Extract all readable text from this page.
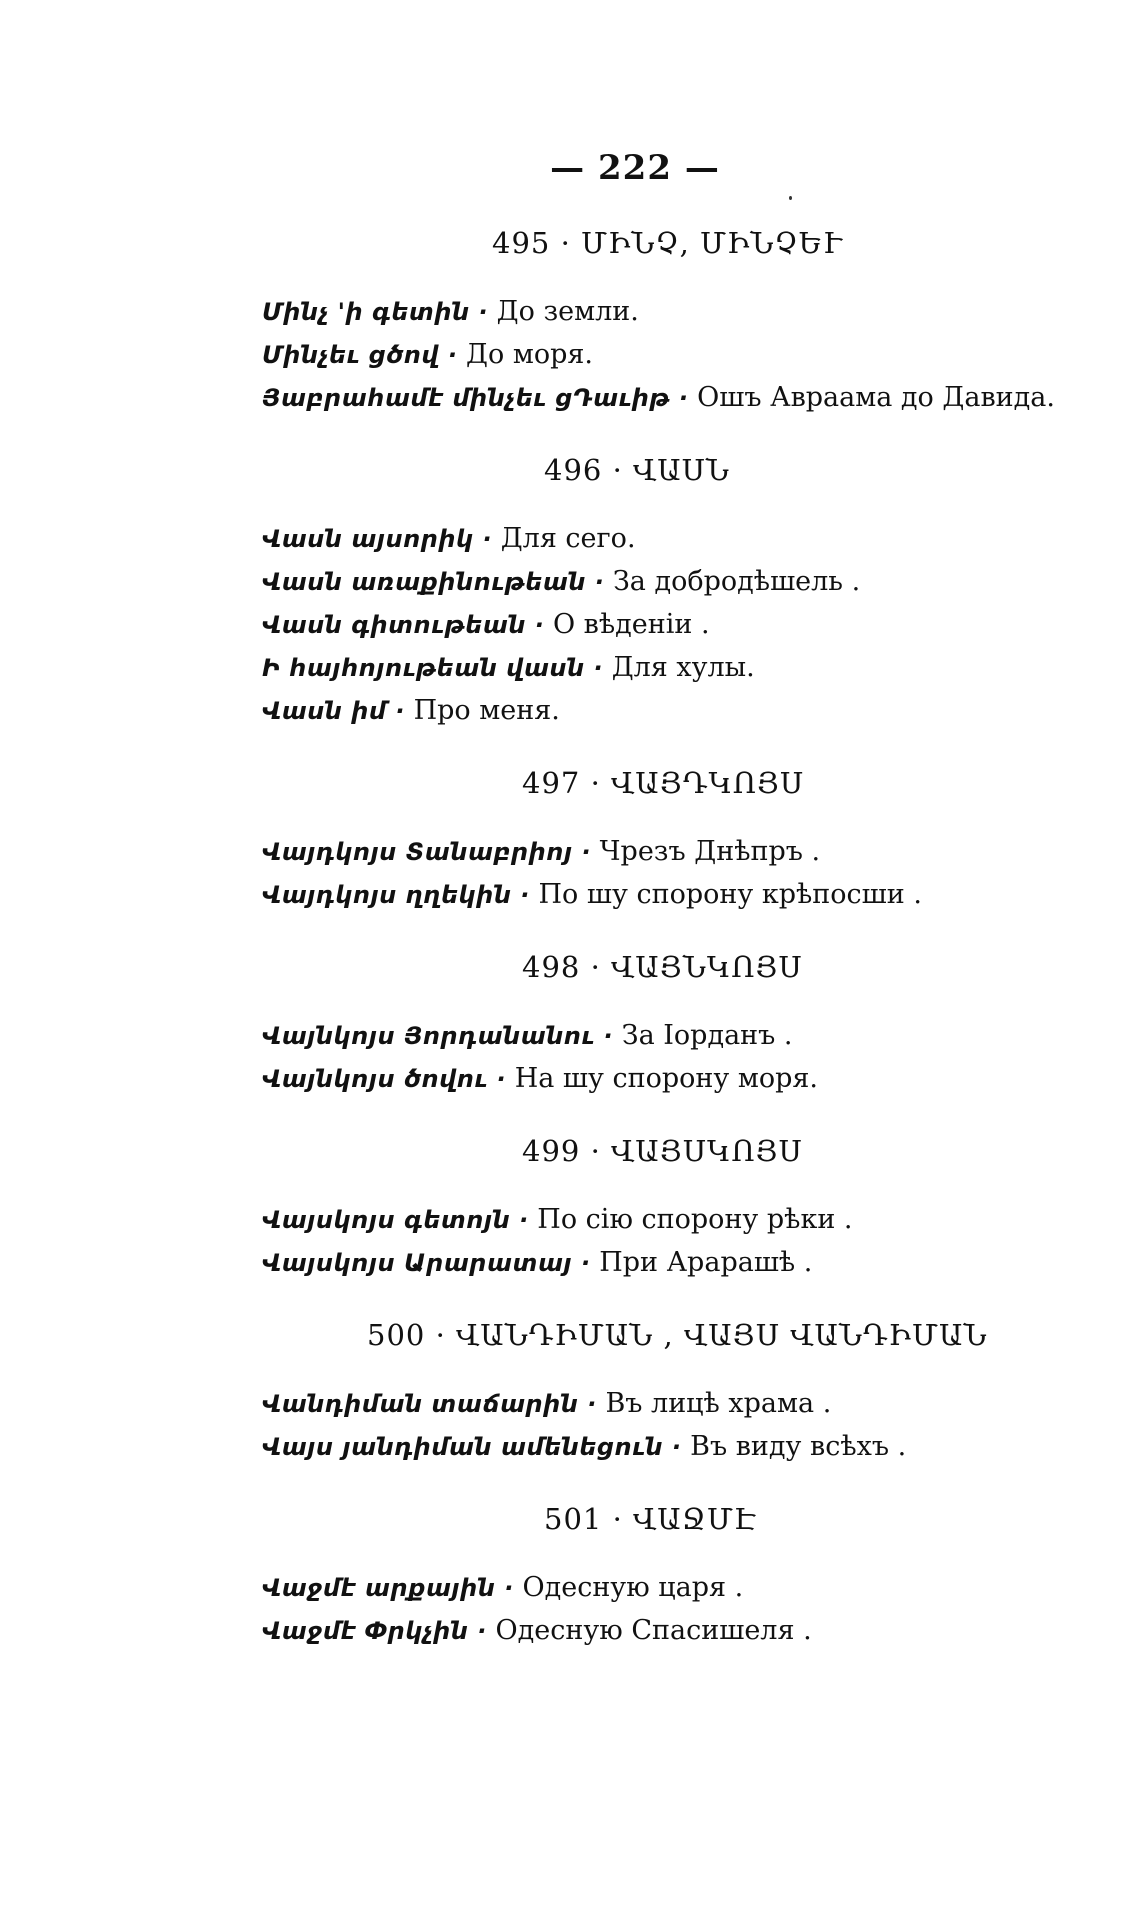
— 222 —
495 · ՄԻՆՉ, ՄԻՆՉԵՒ
Մինչ 'ի գետին · До земли.
Մինչեւ ցծով · До моря.
Յաբրահամէ մինչեւ ցԴաւիթ · Ошъ Авраама до Давида.
496 · ՎԱՍՆ
Վասն այսորիկ · Для сего.
Վասն առաքինութեան · За добродѣшель .
Վասն գիտութեան · О вѣденіи .
Ի հայհոյութեան վասն · Для хулы.
Վասն իմ · Про меня.
497 · ՎԱՅԴԿՈՅՍ
Վայդկոյս Տանաբրիոյ · Чрезъ Днѣпръ .
Վայդկոյս ղղեկին · По шу спорону крѣпосши .
498 · ՎԱՅՆԿՈՅՍ
Վայնկոյս Յորդանանու · За Іорданъ .
Վայնկոյս ծովու · На шу спорону моря.
499 · ՎԱՅՍԿՈՅՍ
Վայսկոյս գետոյն · По сію спорону рѣки .
Վայսկոյս Արարատայ · При Арарашѣ .
500 · ՎԱՆԴԻՄԱՆ , ՎԱՅՍ ՎԱՆԴԻՄԱՆ
Վանդիման տաճարին · Въ лицѣ храма .
Վայս յանդիման ամենեցուն · Въ виду всѣхъ .
501 · ՎԱՋՄԷ
Վաջմէ արքային · Одесную царя .
Վաջմէ Փրկչին · Одесную Спасишеля .
